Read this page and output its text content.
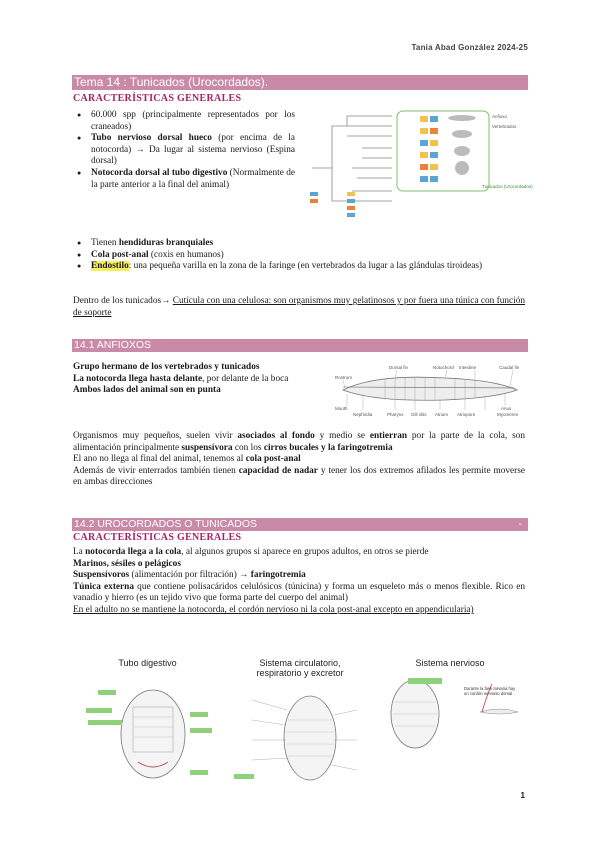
Tania Abad González 2024-25
Tema 14 : Tunicados (Urocordados).
CARACTERÍSTICAS GENERALES
● 60.000 spp (principalmente representados por los craneados)
● Tubo nervioso dorsal hueco (por encima de la notocorda) → Da lugar al sistema nervioso (Espina dorsal)
● Notocorda dorsal al tubo digestivo (Normalmente de la parte anterior a la final del animal)
Anfioxo
Vertebrados
Tunicados (Urocordados)
● Tienen hendiduras branquiales
● Cola post-anal (coxis en humanos)
● Endostilo: una pequeña varilla en la zona de la faringe (en vertebrados da lugar a las glándulas tiroideas)
Dentro de los tunicados→ Cutícula con una celulosa: son organismos muy gelatinosos y por fuera una túnica con función de soporte
14.1 ANFIOXOS
Grupo hermano de los vertebrados y tunicados
La notocorda llega hasta delante, por delante de la boca
Ambos lados del animal son en punta
Dorsal fin	Notochord Intestine	Caudal fin
Rostrum
Mouth
Nephridia	Pharynx Gill slits Atrium Atriopore
Anus
Myomeres
Organismos muy pequeños, suelen vivir asociados al fondo y medio se entierran por la parte de la cola, son alimentación principalmente suspensívora con los cirros bucales y la faringotremia
El ano no llega al final del animal, tenemos al cola post-anal
Además de vivir enterrados también tienen capacidad de nadar y tener los dos extremos afilados les permite moverse en ambas direcciones
14.2 UROCORDADOS O TUNICADOS	-
CARACTERÍSTICAS GENERALES
La notocorda llega a la cola, al algunos grupos si aparece en grupos adultos, en otros se pierde
Marinos, sésiles o pelágicos
Suspensívoros (alimentación por filtración) → faringotremia
Túnica externa que contiene polisacáridos celulósicos (túnicina) y forma un esqueleto más o menos flexible. Rico en vanadio y hierro (es un tejido vivo que forma parte del cuerpo del animal)
En el adulto no se mantiene la notocorda, el cordón nervioso ni la cola post-anal excepto en appendicularia)
Tubo digestivo	Sistema circulatorio, respiratorio y excretor
Sistema nervioso
Durante la fase larvaria hay un cordón nervioso dorsal
1
